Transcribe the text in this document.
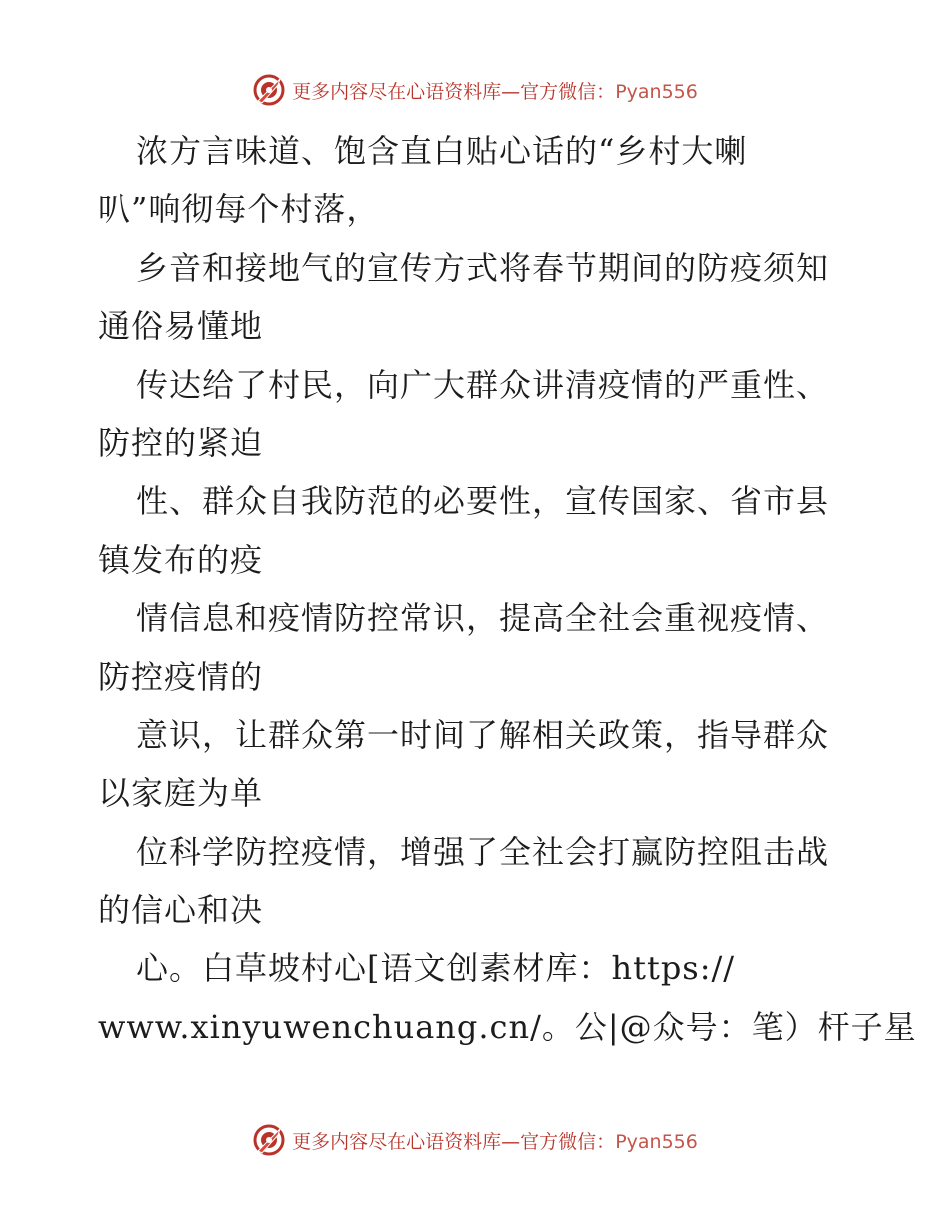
更多内容尽在心语资料库—官方微信：Pyan556
浓方言味道、饱含直白贴心话的“乡村大喇
叭”响彻每个村落，
乡音和接地气的宣传方式将春节期间的防疫须知
通俗易懂地
传达给了村民，向广大群众讲清疫情的严重性、
防控的紧迫
性、群众自我防范的必要性，宣传国家、省市县
镇发布的疫
情信息和疫情防控常识，提高全社会重视疫情、
防控疫情的
意识，让群众第一时间了解相关政策，指导群众
以家庭为单
位科学防控疫情，增强了全社会打赢防控阻击战
的信心和决
心。白草坡村心[语文创素材库：https://
www.xinyuwenchuang.cn/。公|@众号：笔）杆子星
更多内容尽在心语资料库—官方微信：Pyan556
